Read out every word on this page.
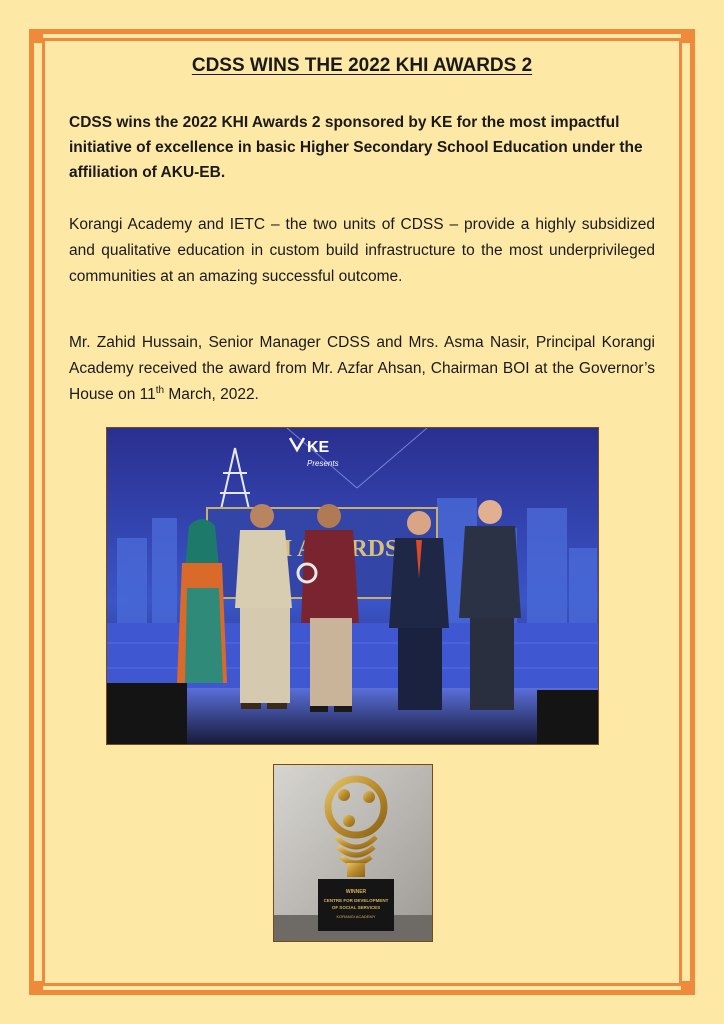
CDSS WINS THE 2022 KHI AWARDS 2
CDSS wins the 2022 KHI Awards 2 sponsored by KE for the most impactful initiative of excellence in basic Higher Secondary School Education under the affiliation of AKU-EB.
Korangi Academy and IETC – the two units of CDSS – provide a highly subsidized and qualitative education in custom build infrastructure to the most underprivileged communities at an amazing successful outcome.
Mr. Zahid Hussain, Senior Manager CDSS and Mrs. Asma Nasir, Principal Korangi Academy received the award from Mr. Azfar Ahsan, Chairman BOI at the Governor’s House on 11th March, 2022.
KE
Presents
WINNER
CENTRE FOR DEVELOPMENT
OF SOCIAL SERVICES
KORANGI ACADEMY
